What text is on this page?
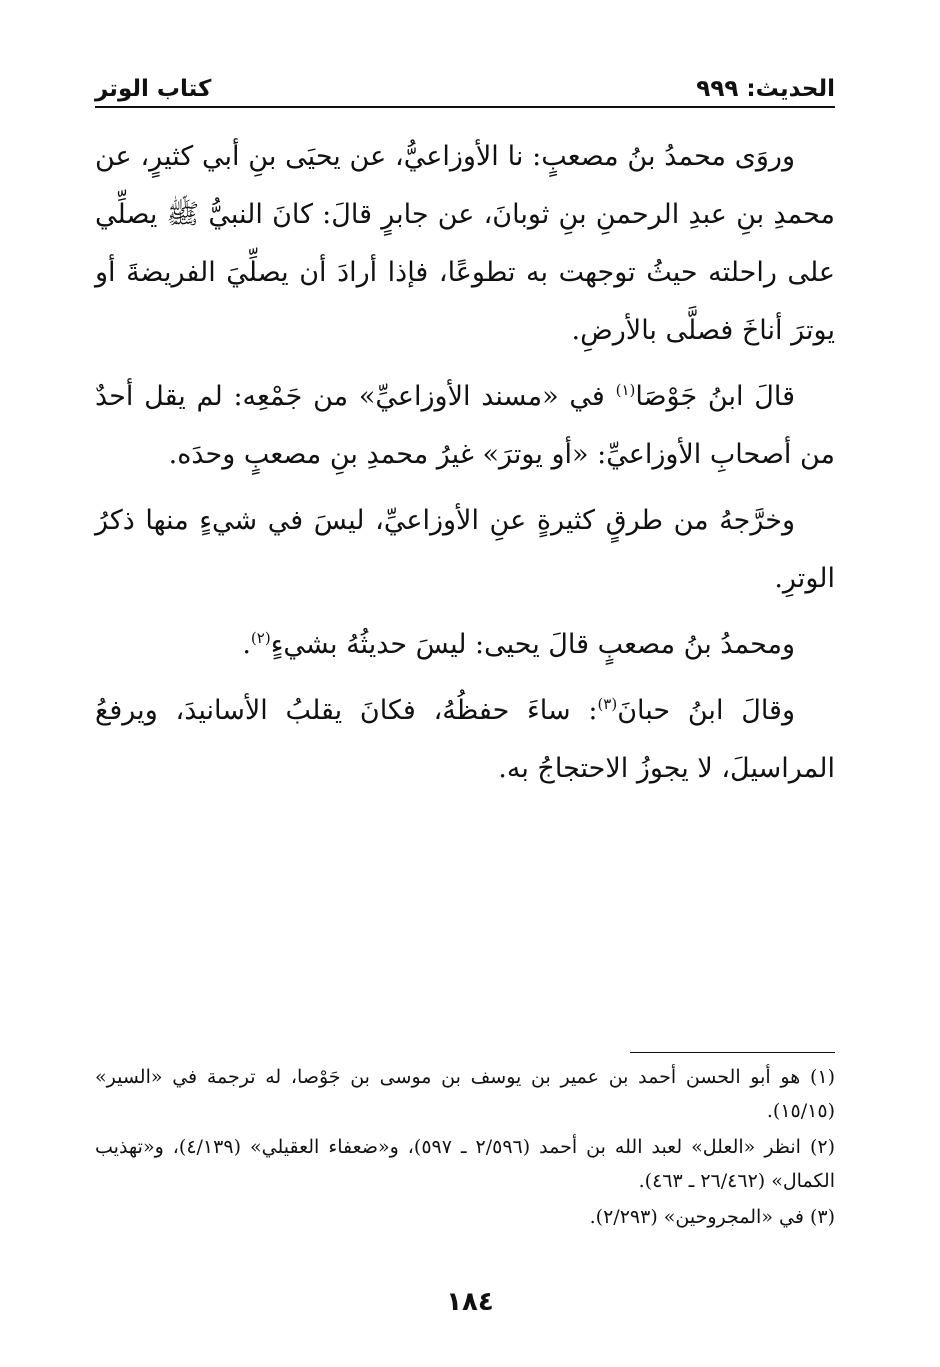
الحديث: ٩٩٩
كتاب الوتر

وروَى محمدُ بنُ مصعبٍ: نا الأوزاعيُّ، عن يحيَى بنِ أبي كثيرٍ، عن محمدِ بنِ عبدِ الرحمنِ بنِ ثوبانَ، عن جابرٍ قالَ: كانَ النبيُّ ﷺ يصلِّي على راحلته حيثُ توجهت به تطوعًا، فإذا أرادَ أن يصلِّيَ الفريضةَ أو يوترَ أناخَ فصلَّى بالأرضِ.

قالَ ابنُ جَوْصَا$^{(١)}$ في «مسند الأوزاعيِّ» من جَمْعِه: لم يقل أحدٌ من أصحابِ الأوزاعيِّ: «أو يوترَ» غيرُ محمدِ بنِ مصعبٍ وحدَه.

وخرَّجهُ من طرقٍ كثيرةٍ عنِ الأوزاعيِّ، ليسَ في شيءٍ منها ذكرُ الوترِ.

ومحمدُ بنُ مصعبٍ قالَ يحيى: ليسَ حديثُهُ بشيءٍ$^{(٢)}$.

وقالَ ابنُ حبانَ$^{(٣)}$: ساءَ حفظُهُ، فكانَ يقلبُ الأسانيدَ، ويرفعُ المراسيلَ، لا يجوزُ الاحتجاجُ به.

(١) هو أبو الحسن أحمد بن عمير بن يوسف بن موسى بن جَوْصا، له ترجمة في «السير» (١٥/١٥).

(٢) انظر «العلل» لعبد الله بن أحمد (٢/٥٩٦ ـ ٥٩٧)، و«ضعفاء العقيلي» (٤/١٣٩)، و«تهذيب الكمال» (٢٦/٤٦٢ ـ ٤٦٣).

(٣) في «المجروحين» (٢/٢٩٣).

١٨٤
